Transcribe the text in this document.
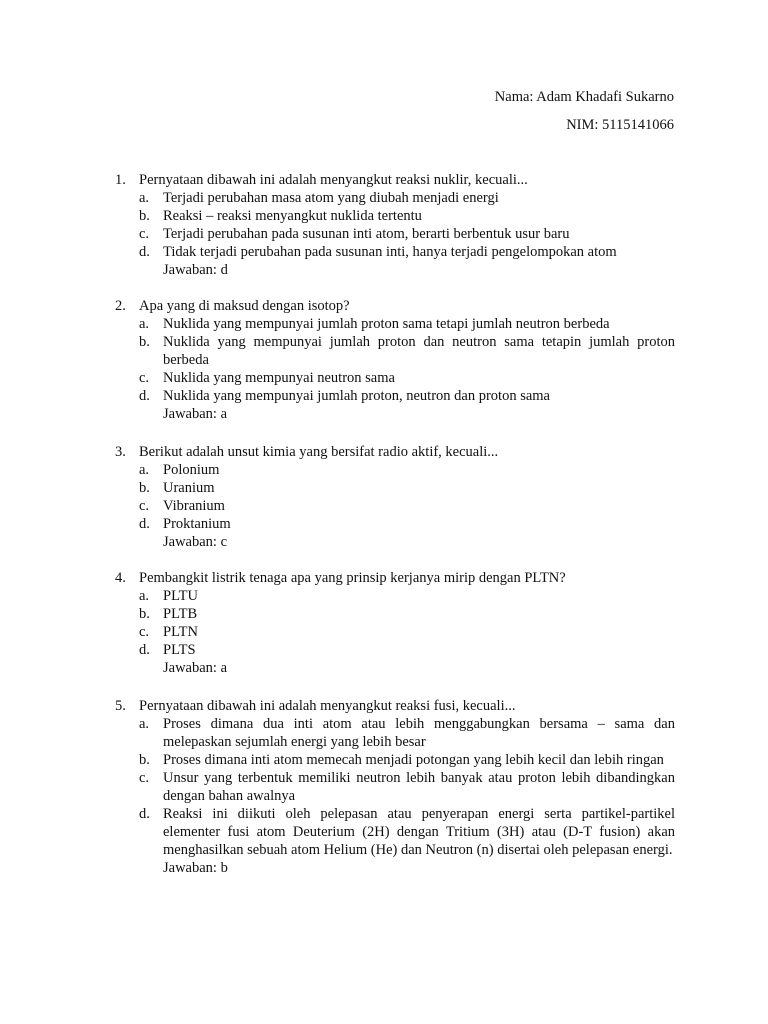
Nama: Adam Khadafi Sukarno
NIM: 5115141066
1. Pernyataan dibawah ini adalah menyangkut reaksi nuklir, kecuali...
a. Terjadi perubahan masa atom yang diubah menjadi energi
b. Reaksi – reaksi menyangkut nuklida tertentu
c. Terjadi perubahan pada susunan inti atom, berarti berbentuk usur baru
d. Tidak terjadi perubahan pada susunan inti, hanya terjadi pengelompokan atom
Jawaban: d
2. Apa yang di maksud dengan isotop?
a. Nuklida yang mempunyai jumlah proton sama tetapi jumlah neutron berbeda
b. Nuklida yang mempunyai jumlah proton dan neutron sama tetapin jumlah proton berbeda
c. Nuklida yang mempunyai neutron sama
d. Nuklida yang mempunyai jumlah proton, neutron dan proton sama
Jawaban: a
3. Berikut adalah unsut kimia yang bersifat radio aktif, kecuali...
a. Polonium
b. Uranium
c. Vibranium
d. Proktanium
Jawaban: c
4. Pembangkit listrik tenaga apa yang prinsip kerjanya mirip dengan PLTN?
a. PLTU
b. PLTB
c. PLTN
d. PLTS
Jawaban: a
5. Pernyataan dibawah ini adalah menyangkut reaksi fusi, kecuali...
a. Proses dimana dua inti atom atau lebih menggabungkan bersama – sama dan melepaskan sejumlah energi yang lebih besar
b. Proses dimana inti atom memecah menjadi potongan yang lebih kecil dan lebih ringan
c. Unsur yang terbentuk memiliki neutron lebih banyak atau proton lebih dibandingkan dengan bahan awalnya
d. Reaksi ini diikuti oleh pelepasan atau penyerapan energi serta partikel-partikel elementer fusi atom Deuterium (2H) dengan Tritium (3H) atau (D-T fusion) akan menghasilkan sebuah atom Helium (He) dan Neutron (n) disertai oleh pelepasan energi.
Jawaban: b
